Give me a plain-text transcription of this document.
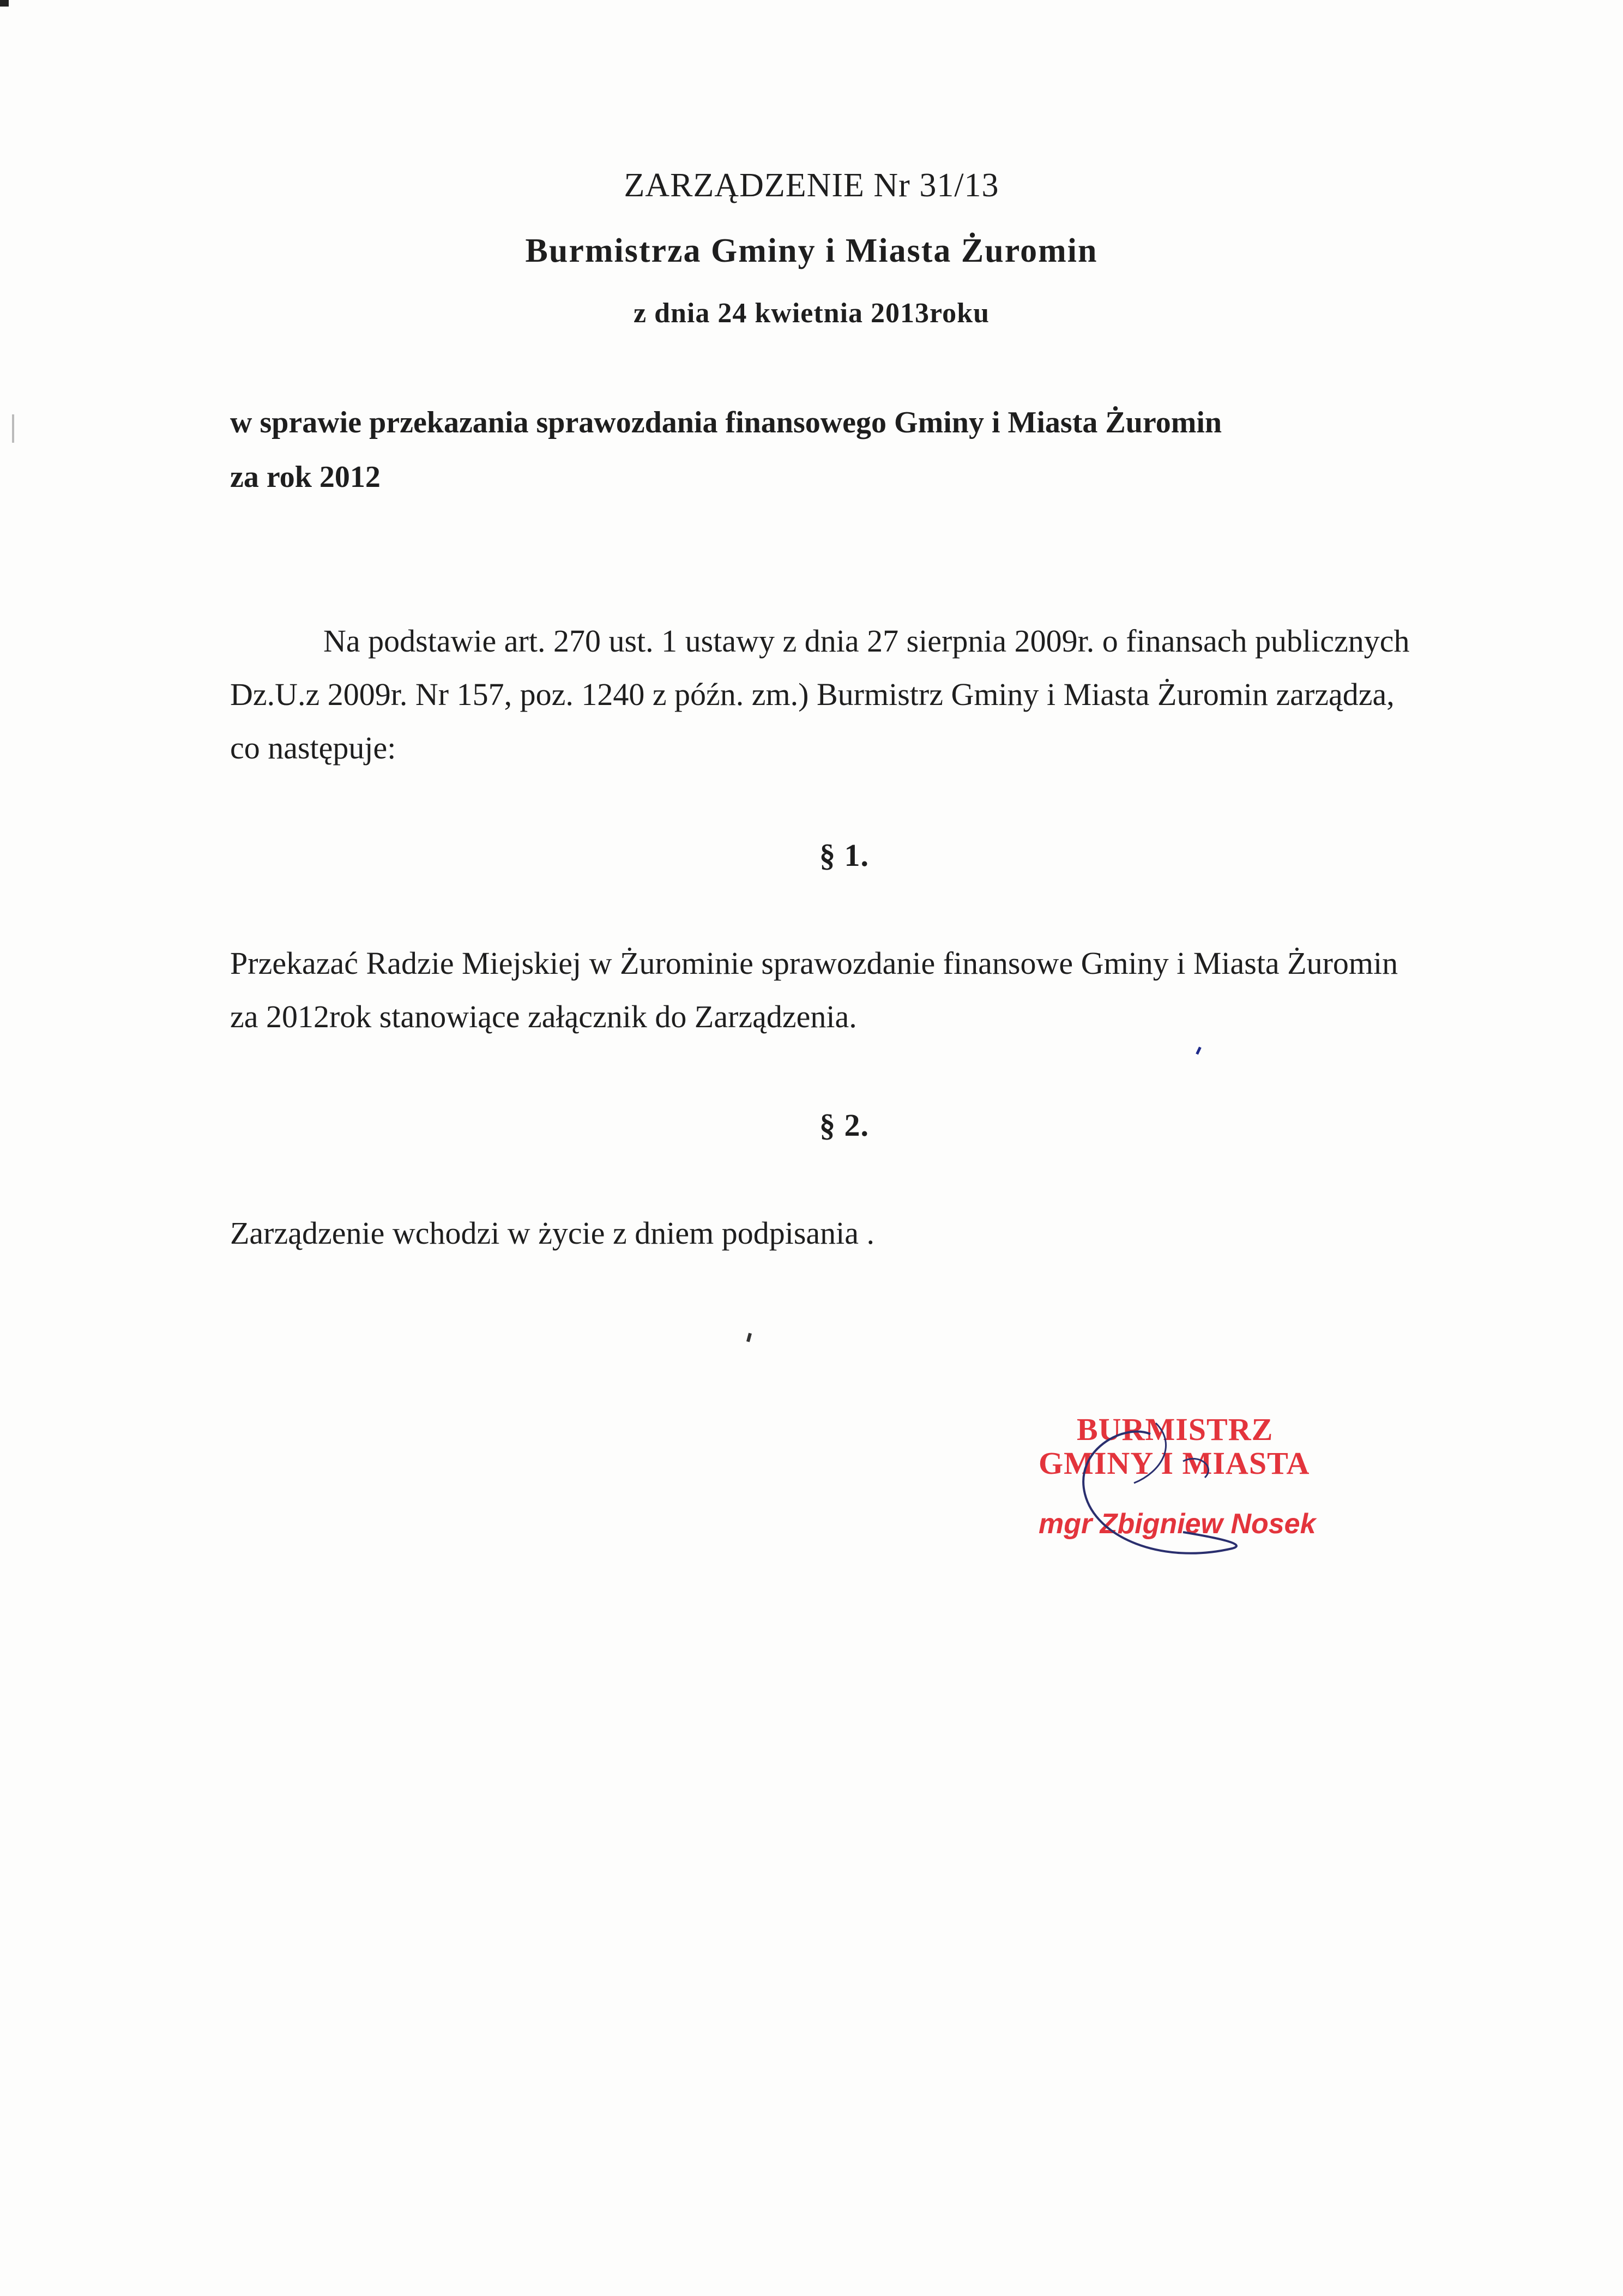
ZARZĄDZENIE Nr 31/13
Burmistrza Gminy i Miasta Żuromin
z dnia 24 kwietnia 2013roku
w sprawie przekazania sprawozdania finansowego Gminy i Miasta Żuromin
za rok 2012
Na podstawie art. 270 ust. 1 ustawy z dnia 27 sierpnia 2009r. o finansach publicznych
Dz.U.z 2009r. Nr 157, poz. 1240 z późn. zm.) Burmistrz Gminy i Miasta Żuromin zarządza,
co następuje:
§ 1.
Przekazać Radzie Miejskiej w Żurominie sprawozdanie finansowe Gminy i Miasta Żuromin
za 2012rok stanowiące załącznik do Zarządzenia.
§ 2.
Zarządzenie wchodzi w życie z dniem podpisania .
BURMISTRZ
GMINY I MIASTA
mgr Zbigniew Nosek
